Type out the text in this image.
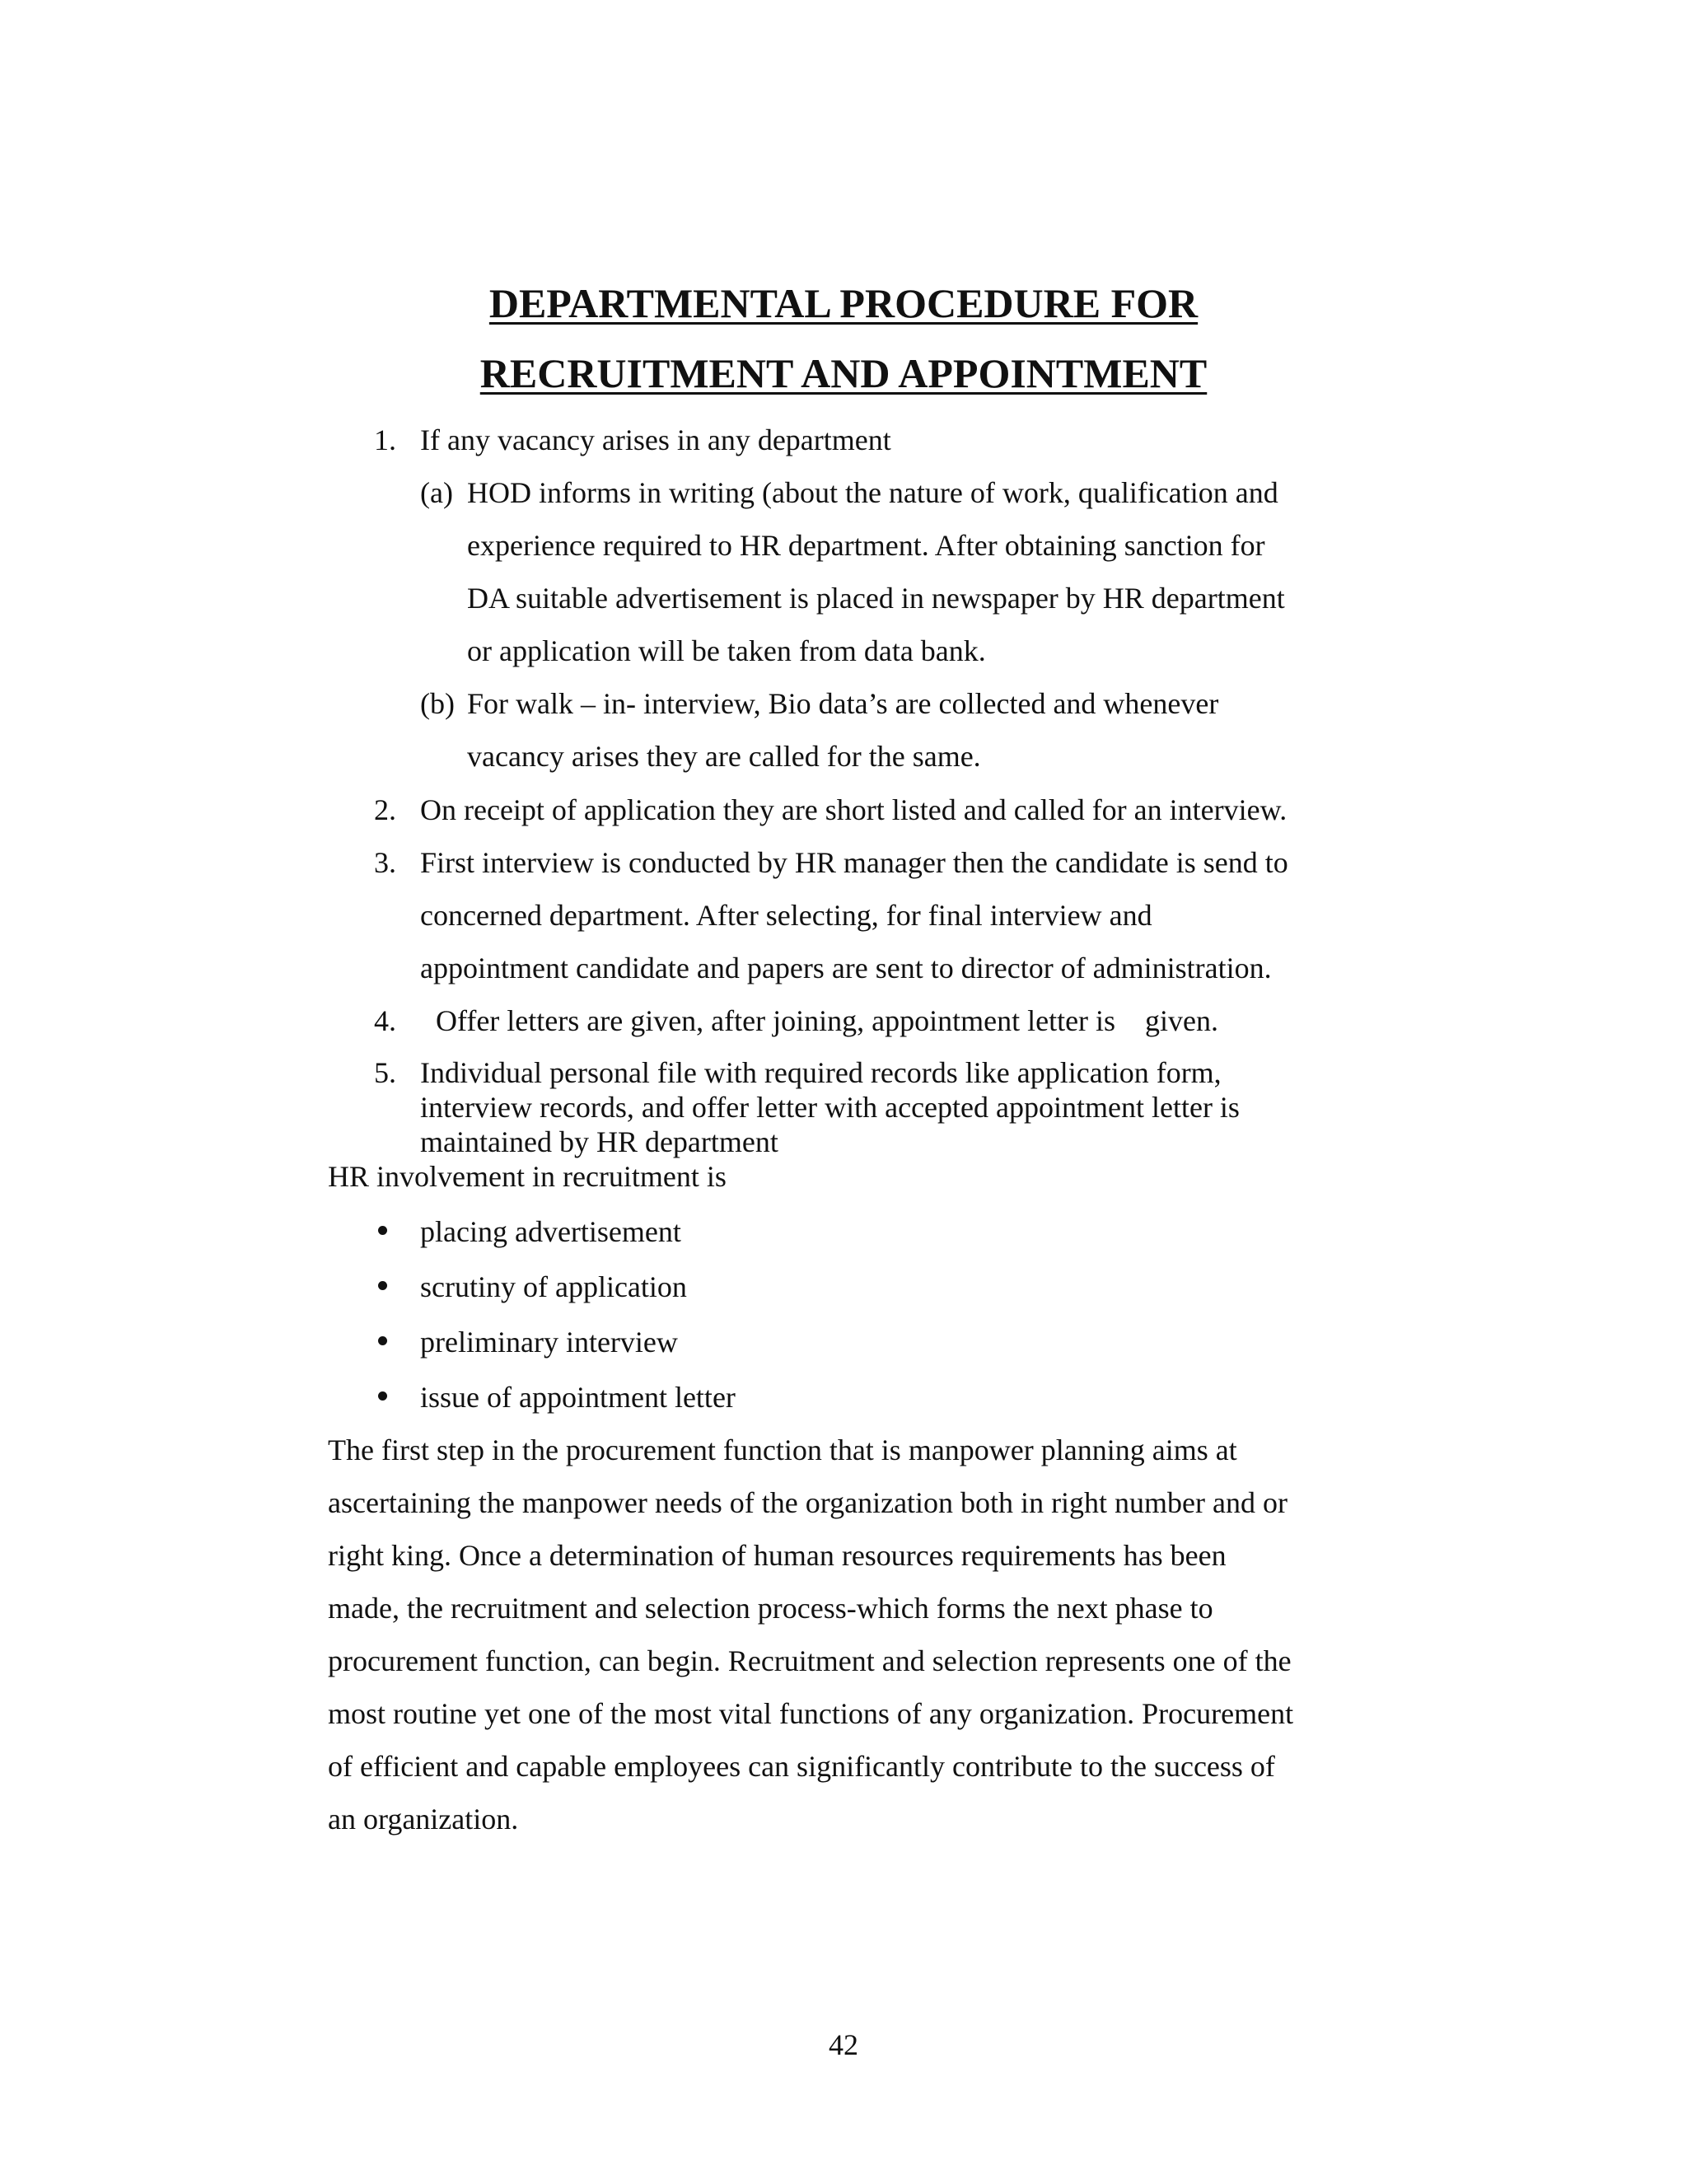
DEPARTMENTAL PROCEDURE FOR
RECRUITMENT AND APPOINTMENT
1. If any vacancy arises in any department
(a) HOD informs in writing (about the nature of work, qualification and
experience required to HR department. After obtaining sanction for
DA suitable advertisement is placed in newspaper by HR department
or application will be taken from data bank.
(b) For walk – in- interview, Bio data’s are collected and whenever
vacancy arises they are called for the same.
2. On receipt of application they are short listed and called for an interview.
3. First interview is conducted by HR manager then the candidate is send to
concerned department. After selecting, for final interview and
appointment candidate and papers are sent to director of administration.
4. Offer letters are given, after joining, appointment letter is    given.
5. Individual personal file with required records like application form,
interview records, and offer letter with accepted appointment letter is
maintained by HR department
HR involvement in recruitment is
placing advertisement
scrutiny of application
preliminary interview
issue of appointment letter
The first step in the procurement function that is manpower planning aims at
ascertaining the manpower needs of the organization both in right number and or
right king. Once a determination of human resources requirements has been
made, the recruitment and selection process-which forms the next phase to
procurement function, can begin. Recruitment and selection represents one of the
most routine yet one of the most vital functions of any organization. Procurement
of efficient and capable employees can significantly contribute to the success of
an organization.
42
